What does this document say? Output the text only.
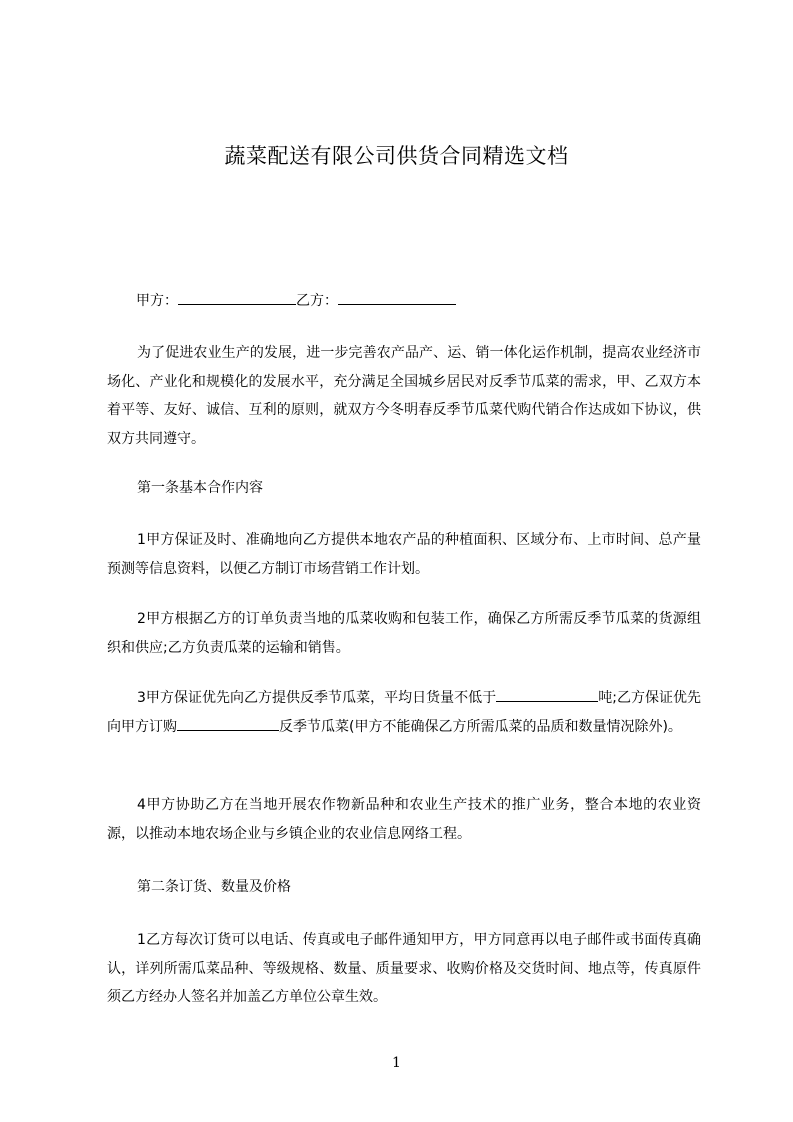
蔬菜配送有限公司供货合同精选文档
甲方：	乙方：
为了促进农业生产的发展，进一步完善农产品产、运、销一体化运作机制，提高农业经济市场化、产业化和规模化的发展水平，充分满足全国城乡居民对反季节瓜菜的需求，甲、乙双方本着平等、友好、诚信、互利的原则，就双方今冬明春反季节瓜菜代购代销合作达成如下协议，供双方共同遵守。
第一条基本合作内容
1甲方保证及时、准确地向乙方提供本地农产品的种植面积、区域分布、上市时间、总产量预测等信息资料，以便乙方制订市场营销工作计划。
2甲方根据乙方的订单负责当地的瓜菜收购和包装工作，确保乙方所需反季节瓜菜的货源组织和供应;乙方负责瓜菜的运输和销售。
3甲方保证优先向乙方提供反季节瓜菜，平均日货量不低于	吨;乙方保证优先向甲方订购	反季节瓜菜(甲方不能确保乙方所需瓜菜的品质和数量情况除外)。
4甲方协助乙方在当地开展农作物新品种和农业生产技术的推广业务，整合本地的农业资源，以推动本地农场企业与乡镇企业的农业信息网络工程。
第二条订货、数量及价格
1乙方每次订货可以电话、传真或电子邮件通知甲方，甲方同意再以电子邮件或书面传真确认，详列所需瓜菜品种、等级规格、数量、质量要求、收购价格及交货时间、地点等，传真原件须乙方经办人签名并加盖乙方单位公章生效。
1
